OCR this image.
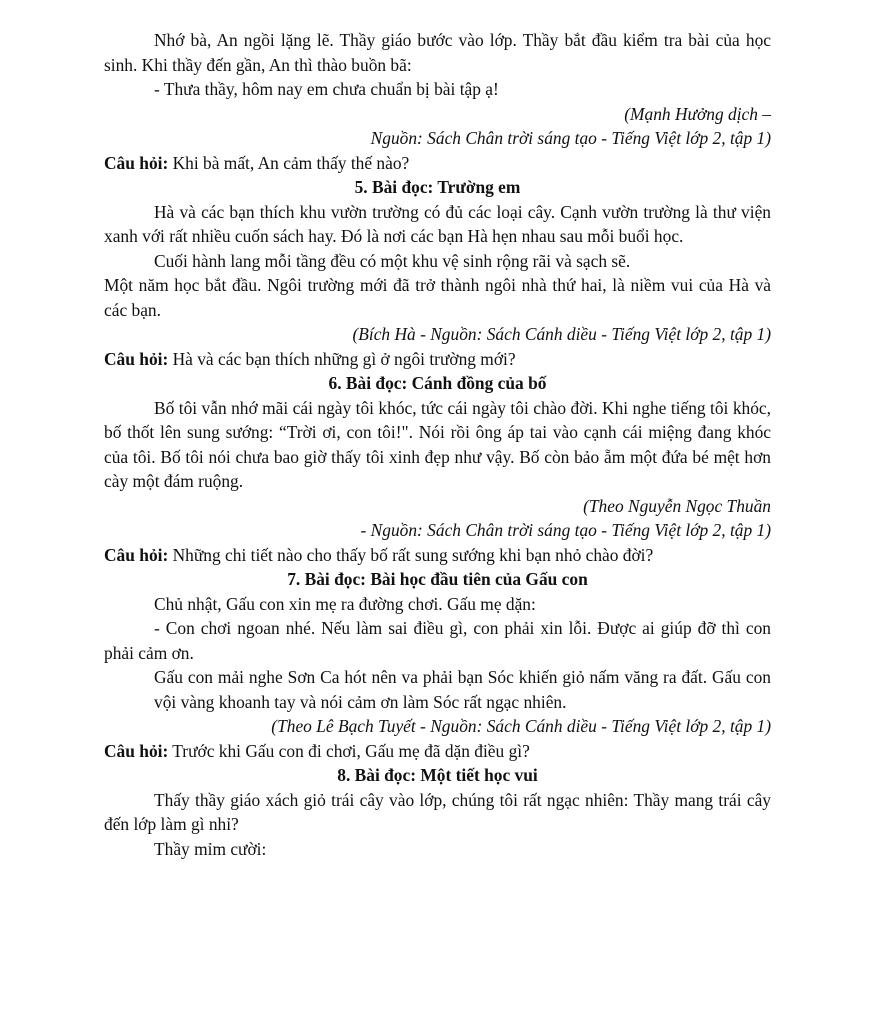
Nhớ bà, An ngồi lặng lẽ. Thầy giáo bước vào lớp. Thầy bắt đầu kiểm tra bài của học sinh. Khi thầy đến gần, An thì thào buồn bã:

- Thưa thầy, hôm nay em chưa chuẩn bị bài tập ạ!

(Mạnh Hưởng dịch –

Nguồn: Sách Chân trời sáng tạo - Tiếng Việt lớp 2, tập 1)

Câu hỏi: Khi bà mất, An cảm thấy thế nào?

5. Bài đọc: Trường em

Hà và các bạn thích khu vườn trường có đủ các loại cây. Cạnh vườn trường là thư viện xanh với rất nhiều cuốn sách hay. Đó là nơi các bạn Hà hẹn nhau sau mỗi buổi học.

Cuối hành lang mỗi tầng đều có một khu vệ sinh rộng rãi và sạch sẽ.

Một năm học bắt đầu. Ngôi trường mới đã trở thành ngôi nhà thứ hai, là niềm vui của Hà và các bạn.

(Bích Hà - Nguồn: Sách Cánh diều - Tiếng Việt lớp 2, tập 1)

Câu hỏi: Hà và các bạn thích những gì ở ngôi trường mới?

6. Bài đọc: Cánh đồng của bố

Bố tôi vẫn nhớ mãi cái ngày tôi khóc, tức cái ngày tôi chào đời. Khi nghe tiếng tôi khóc, bố thốt lên sung sướng: “Trời ơi, con tôi!". Nói rồi ông áp tai vào cạnh cái miệng đang khóc của tôi. Bố tôi nói chưa bao giờ thấy tôi xinh đẹp như vậy. Bố còn bảo ẵm một đứa bé mệt hơn cày một đám ruộng.

(Theo Nguyễn Ngọc Thuần

- Nguồn: Sách Chân trời sáng tạo - Tiếng Việt lớp 2, tập 1)

Câu hỏi: Những chi tiết nào cho thấy bố rất sung sướng khi bạn nhỏ chào đời?

7. Bài đọc: Bài học đầu tiên của Gấu con

Chủ nhật, Gấu con xin mẹ ra đường chơi. Gấu mẹ dặn:

- Con chơi ngoan nhé. Nếu làm sai điều gì, con phải xin lỗi. Được ai giúp đỡ thì con phải cảm ơn.

Gấu con mải nghe Sơn Ca hót nên va phải bạn Sóc khiến giỏ nấm văng ra đất. Gấu con vội vàng khoanh tay và nói cảm ơn làm Sóc rất ngạc nhiên.

(Theo Lê Bạch Tuyết - Nguồn: Sách Cánh diều - Tiếng Việt lớp 2, tập 1)

Câu hỏi: Trước khi Gấu con đi chơi, Gấu mẹ đã dặn điều gì?

8. Bài đọc: Một tiết học vui

Thấy thầy giáo xách giỏ trái cây vào lớp, chúng tôi rất ngạc nhiên: Thầy mang trái cây đến lớp làm gì nhỉ?

Thầy mỉm cười:
